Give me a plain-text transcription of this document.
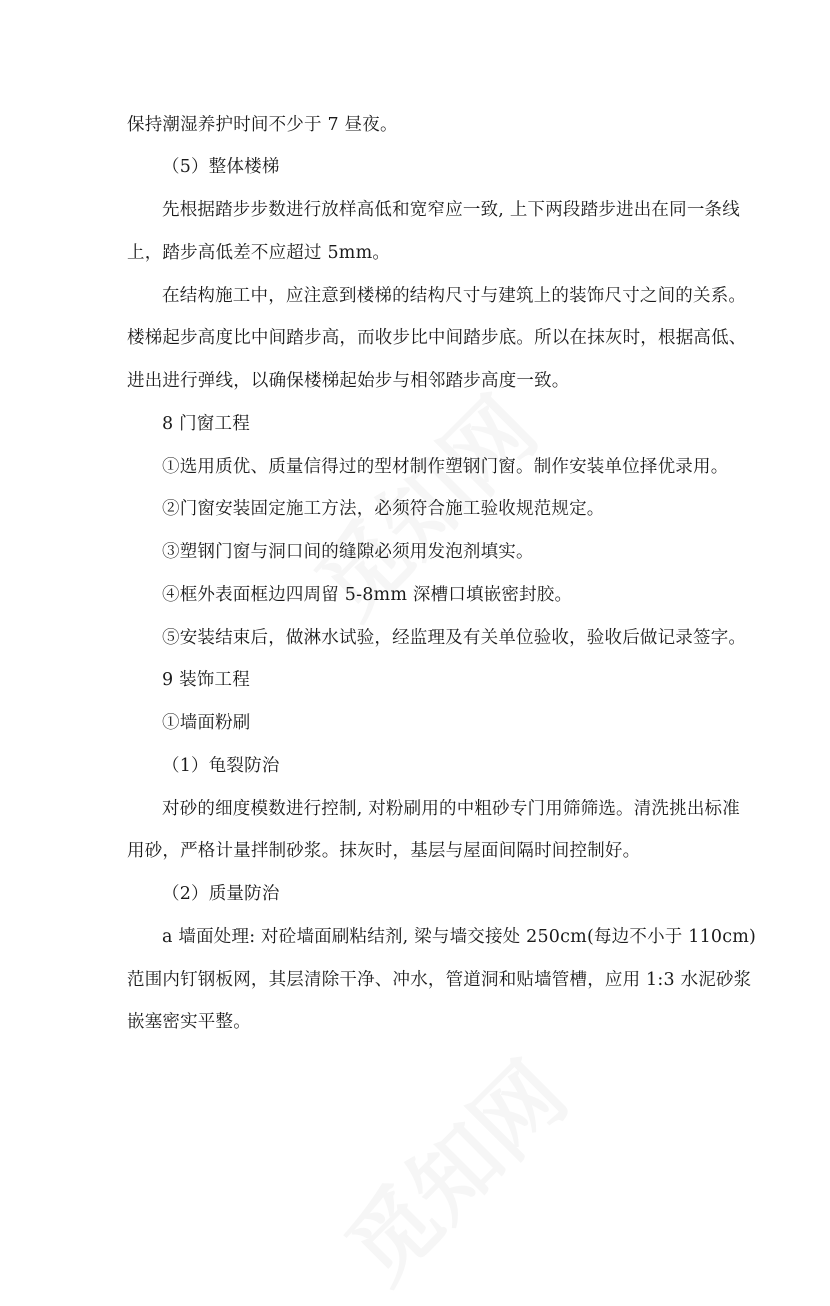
保持潮湿养护时间不少于 7 昼夜。
（5）整体楼梯
先根据踏步步数进行放样高低和宽窄应一致, 上下两段踏步进出在同一条线
上，踏步高低差不应超过 5mm。
在结构施工中，应注意到楼梯的结构尺寸与建筑上的装饰尺寸之间的关系。
楼梯起步高度比中间踏步高，而收步比中间踏步底。所以在抹灰时，根据高低、
进出进行弹线，以确保楼梯起始步与相邻踏步高度一致。
8 门窗工程
①选用质优、质量信得过的型材制作塑钢门窗。制作安装单位择优录用。
②门窗安装固定施工方法，必须符合施工验收规范规定。
③塑钢门窗与洞口间的缝隙必须用发泡剂填实。
④框外表面框边四周留 5-8mm 深槽口填嵌密封胶。
⑤安装结束后，做淋水试验，经监理及有关单位验收，验收后做记录签字。
9 装饰工程
①墙面粉刷
（1）龟裂防治
对砂的细度模数进行控制, 对粉刷用的中粗砂专门用筛筛选。清洗挑出标准
用砂，严格计量拌制砂浆。抹灰时，基层与屋面间隔时间控制好。
（2）质量防治
a 墙面处理: 对砼墙面刷粘结剂, 梁与墙交接处 250cm(每边不小于 110cm)
范围内钉钢板网，其层清除干净、冲水，管道洞和贴墙管槽，应用 1:3 水泥砂浆
嵌塞密实平整。
